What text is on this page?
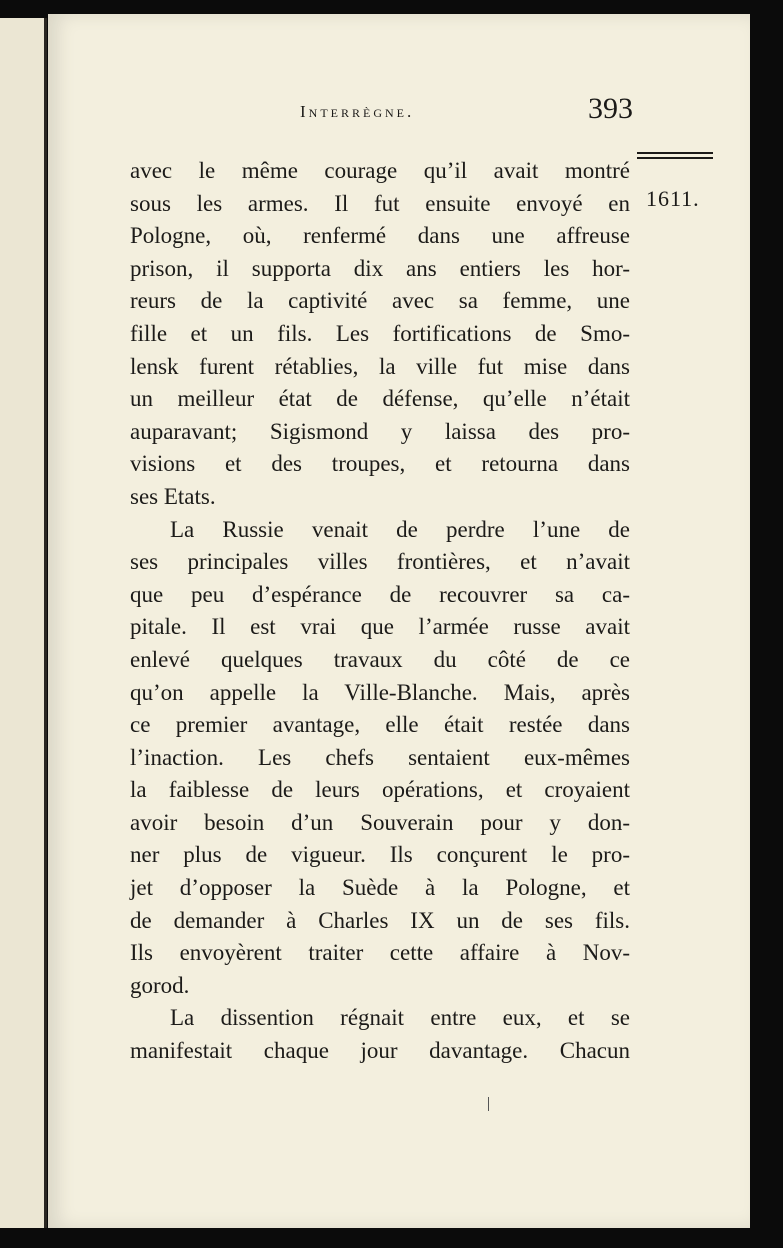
Interrègne.	393
1611.
avec le même courage qu’il avait montré
sous les armes. Il fut ensuite envoyé en
Pologne, où, renfermé dans une affreuse
prison, il supporta dix ans entiers les hor-
reurs de la captivité avec sa femme, une
fille et un fils. Les fortifications de Smo-
lensk furent rétablies, la ville fut mise dans
un meilleur état de défense, qu’elle n’était
auparavant; Sigismond y laissa des pro-
visions et des troupes, et retourna dans
ses Etats.
La Russie venait de perdre l’une de
ses principales villes frontières, et n’avait
que peu d’espérance de recouvrer sa ca-
pitale. Il est vrai que l’armée russe avait
enlevé quelques travaux du côté de ce
qu’on appelle la Ville-Blanche. Mais, après
ce premier avantage, elle était restée dans
l’inaction. Les chefs sentaient eux-mêmes
la faiblesse de leurs opérations, et croyaient
avoir besoin d’un Souverain pour y don-
ner plus de vigueur. Ils conçurent le pro-
jet d’opposer la Suède à la Pologne, et
de demander à Charles IX un de ses fils.
Ils envoyèrent traiter cette affaire à Nov-
gorod.
La dissention régnait entre eux, et se
manifestait chaque jour davantage. Chacun
